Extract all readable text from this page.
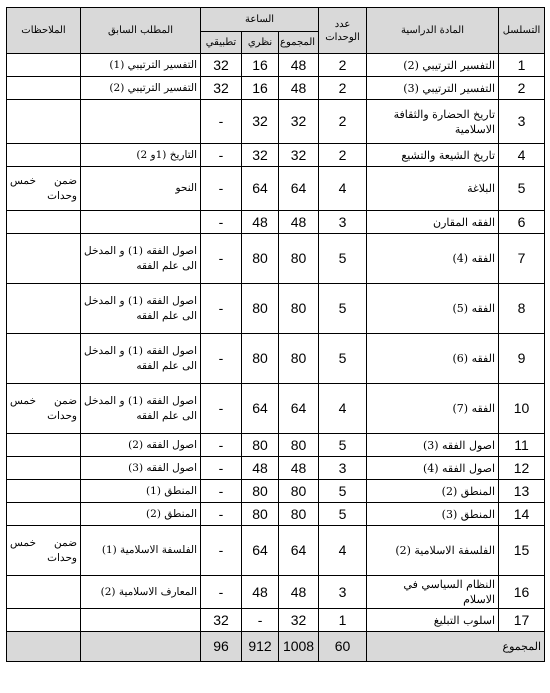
التسلسل	المادة الدراسية	عدد الوحدات	الساعة			المطلب السابق	الملاحظات
			المجموع	نظري	تطبيقي		
1	التفسير الترتيبي (2)	2	48	16	32	التفسير الترتيبي (1)	
2	التفسير الترتيبي (3)	2	48	16	32	التفسير الترتيبي (2)	
3	تاريخ الحضارة والثقافة الاسلامية	2	32	32	-		
4	تاريخ الشيعة والتشيع	2	32	32	-	التاريخ (1و 2)	
5	البلاغة	4	64	64	-	النحو	ضمن خمس وحدات
6	الفقه المقارن	3	48	48	-		
7	الفقه (4)	5	80	80	-	اصول الفقه (1) و المدخل الى علم الفقه	
8	الفقه (5)	5	80	80	-	اصول الفقه (1) و المدخل الى علم الفقه	
9	الفقه (6)	5	80	80	-	اصول الفقه (1) و المدخل الى علم الفقه	
10	الفقه (7)	4	64	64	-	اصول الفقه (1) و المدخل الى علم الفقه	ضمن خمس وحدات
11	اصول الفقه (3)	5	80	80	-	اصول الفقه (2)	
12	اصول الفقه (4)	3	48	48	-	اصول الفقه (3)	
13	المنطق (2)	5	80	80	-	المنطق (1)	
14	المنطق (3)	5	80	80	-	المنطق (2)	
15	الفلسفة الاسلامية (2)	4	64	64	-	الفلسفة الاسلامية (1)	ضمن خمس وحدات
16	النظام السياسي في الاسلام	3	48	48	-	المعارف الاسلامية (2)	
17	اسلوب التبليغ	1	32	-	32		
المجموع		60	1008	912	96		
